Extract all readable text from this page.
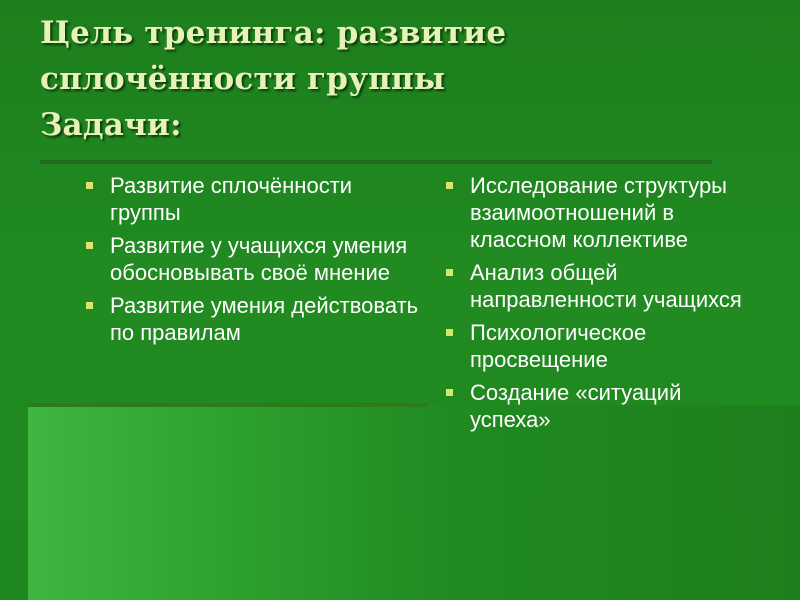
Цель тренинга: развитие
сплочённости группы
Задачи:
Развитие сплочённости группы
Развитие у учащихся умения обосновывать своё мнение
Развитие умения действовать по правилам
Исследование структуры взаимоотношений в классном коллективе
Анализ общей направленности учащихся
Психологическое просвещение
Создание «ситуаций успеха»
